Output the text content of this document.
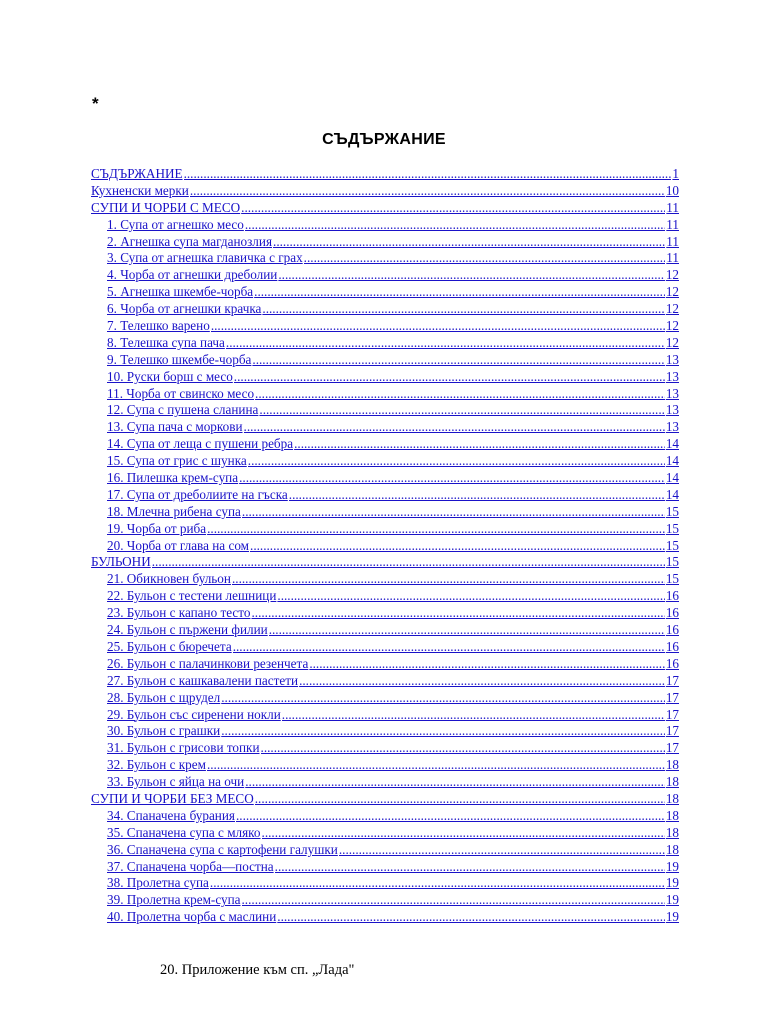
*
СЪДЪРЖАНИЕ
СЪДЪРЖАНИЕ .....	1
Кухненски мерки .....	10
СУПИ И ЧОРБИ С МЕСО .....	11
1. Супа от агнешко месо .....	11
2. Агнешка супа магданозлия .....	11
3. Супа от агнешка главичка с грах .....	11
4. Чорба от агнешки дреболии .....	12
5. Агнешка шкембе-чорба .....	12
6. Чорба от агнешки крачка .....	12
7. Телешко варено .....	12
8. Телешка супа пача .....	12
9. Телешко шкембе-чорба .....	13
10. Руски борш с месо .....	13
11. Чорба от свинско месо .....	13
12. Супа с пушена сланина .....	13
13. Супа пача с моркови .....	13
14. Супа от леща с пушени ребра .....	14
15. Супа от грис с шунка .....	14
16. Пилешка крем-супа .....	14
17. Супа от дреболиите на гъска .....	14
18. Млечна рибена супа .....	15
19. Чорба от риба .....	15
20. Чорба от глава на сом .....	15
БУЛЬОНИ .....	15
21. Обикновен бульон .....	15
22. Бульон с тестени лешници .....	16
23. Бульон с капано тесто .....	16
24. Бульон с пържени филии .....	16
25. Бульон с бюречета .....	16
26. Бульон с палачинкови резенчета .....	16
27. Бульон с кашкавалени пастети .....	17
28. Бульон с щрудел .....	17
29. Бульон със сиренени нокли .....	17
30. Бульон с грашки .....	17
31. Бульон с грисови топки .....	17
32. Бульон с крем .....	18
33. Бульон с яйца на очи .....	18
СУПИ И ЧОРБИ БЕЗ МЕСО .....	18
34. Спаначена бурания .....	18
35. Спаначена супа с мляко .....	18
36. Спаначена супа с картофени галушки .....	18
37. Спаначена чорба—постна .....	19
38. Пролетна супа .....	19
39. Пролетна крем-супа .....	19
40. Пролетна чорба с маслини .....	19
20. Приложение към сп. „Лада"
